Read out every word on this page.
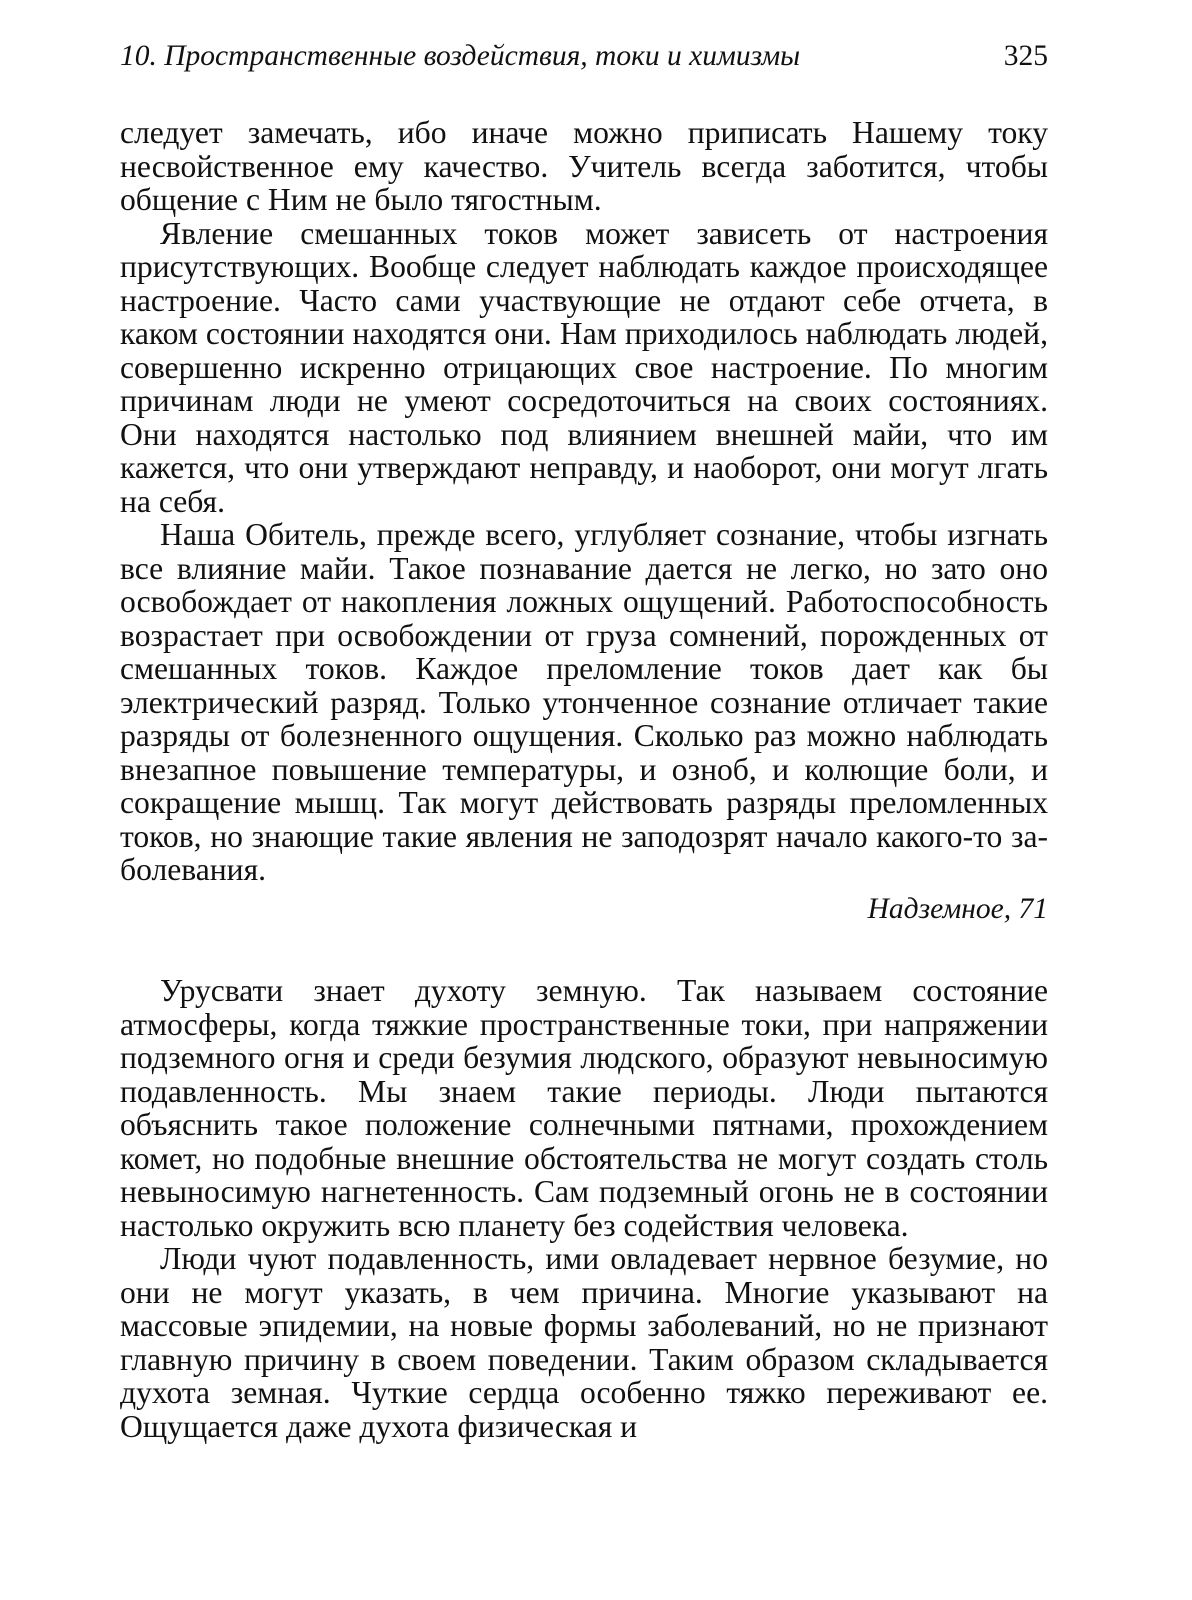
10. Пространственные воздействия, токи и химизмы	325

следует замечать, ибо иначе можно приписать Нашему току несвойственное ему качество. Учитель всегда заботится, чтобы общение с Ним не было тягостным.

Явление смешанных токов может зависеть от настроения присутствующих. Вообще следует наблюдать каждое происходящее настроение. Часто сами участвующие не отдают себе отчета, в каком состоянии находятся они. Нам приходилось наблюдать людей, совершенно искренно отрицающих свое настроение. По многим причинам люди не умеют сосредоточиться на своих состояниях. Они находятся настолько под влиянием внешней майи, что им кажется, что они утверждают неправду, и наоборот, они могут лгать на себя.

Наша Обитель, прежде всего, углубляет сознание, чтобы изгнать все влияние майи. Такое познавание дается не легко, но зато оно освобождает от накопления ложных ощущений. Работоспособность возрастает при освобождении от груза сомнений, порожденных от смешанных токов. Каждое преломление токов дает как бы электрический разряд. Только утонченное сознание отличает такие разряды от болезненного ощущения. Сколько раз можно наблюдать внезапное повышение температуры, и озноб, и колющие боли, и сокращение мышц. Так могут действовать разряды преломленных токов, но знающие такие явления не заподозрят начало какого-то заболевания.

Надземное, 71

Урусвати знает духоту земную. Так называем состояние атмосферы, когда тяжкие пространственные токи, при напряжении подземного огня и среди безумия людского, образуют невыносимую подавленность. Мы знаем такие периоды. Люди пытаются объяснить такое положение солнечными пятнами, прохождением комет, но подобные внешние обстоятельства не могут создать столь невыносимую нагнетенность. Сам подземный огонь не в состоянии настолько окружить всю планету без содействия человека.

Люди чуют подавленность, ими овладевает нервное безумие, но они не могут указать, в чем причина. Многие указывают на массовые эпидемии, на новые формы заболеваний, но не признают главную причину в своем поведении. Таким образом складывается духота земная. Чуткие сердца особенно тяжко переживают ее. Ощущается даже духота физическая и
